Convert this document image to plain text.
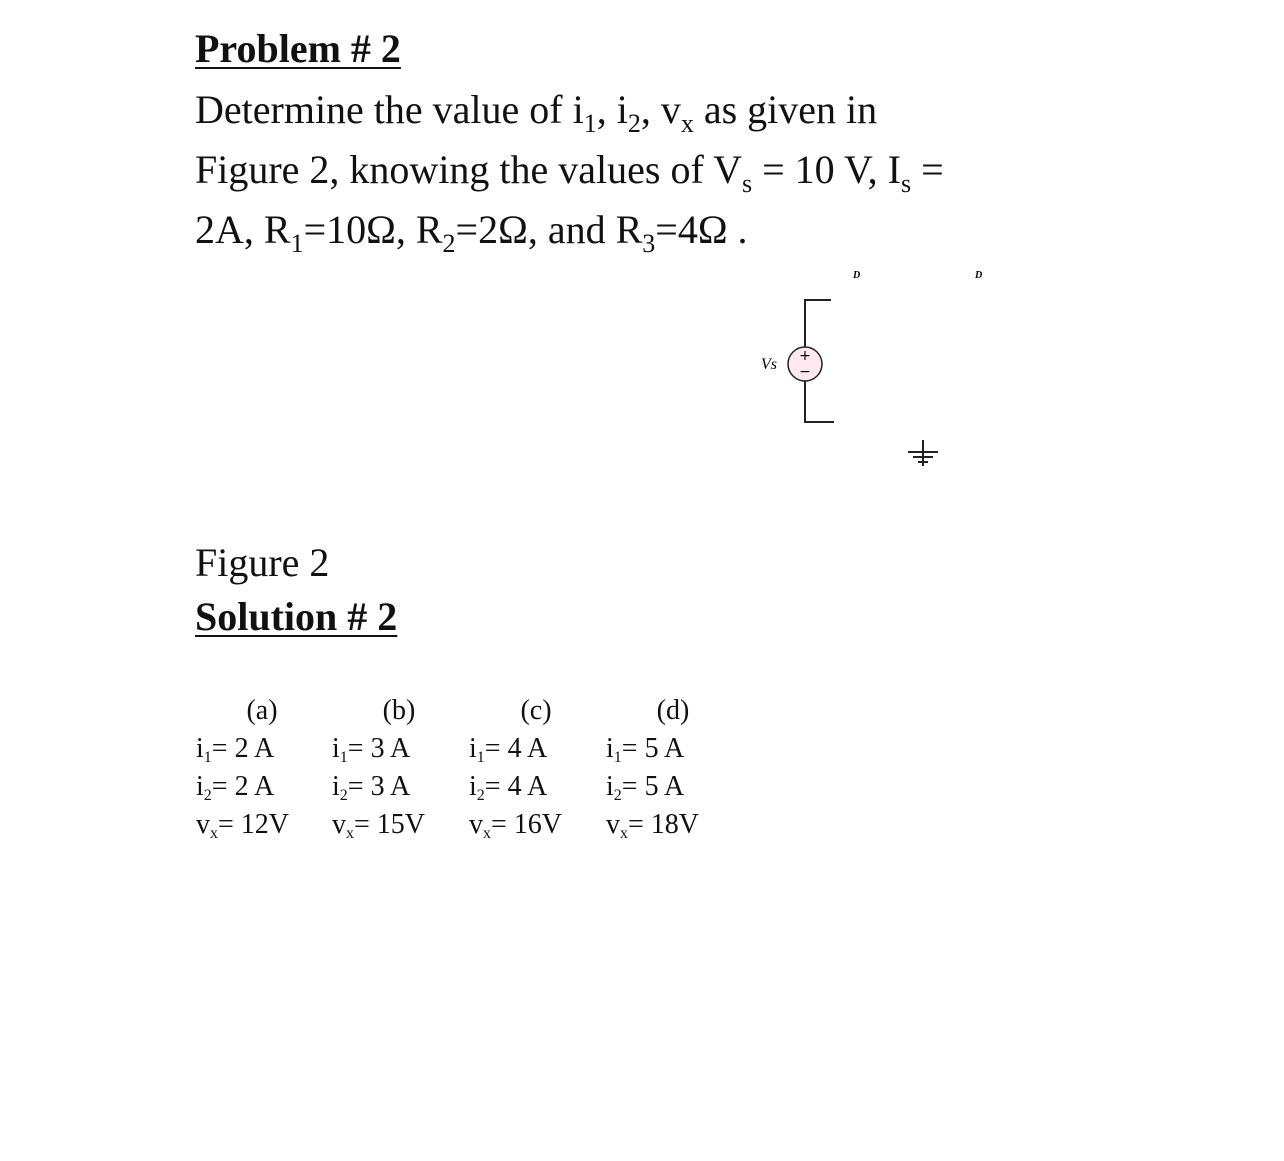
Problem # 2
Determine the value of $i_1$, $i_2$, $v_x$ as given in
Figure 2, knowing the values of $V_s = 10$ V, $I_s$ =
2A, $R_1=10\Omega$, $R_2=2\Omega$, and $R_3=4\Omega$ .
D	D
+
−
Vs
Figure 2
Solution # 2
(a)
$i_1= 2$ A
$i_2= 2$ A
$v_x= 12V$
(b)
$i_1= 3$ A
$i_2= 3$ A
$v_x= 15V$
(c)
$i_1= 4$ A
$i_2= 4$ A
$v_x= 16V$
(d)
$i_1= 5$ A
$i_2= 5$ A
$v_x= 18V$
